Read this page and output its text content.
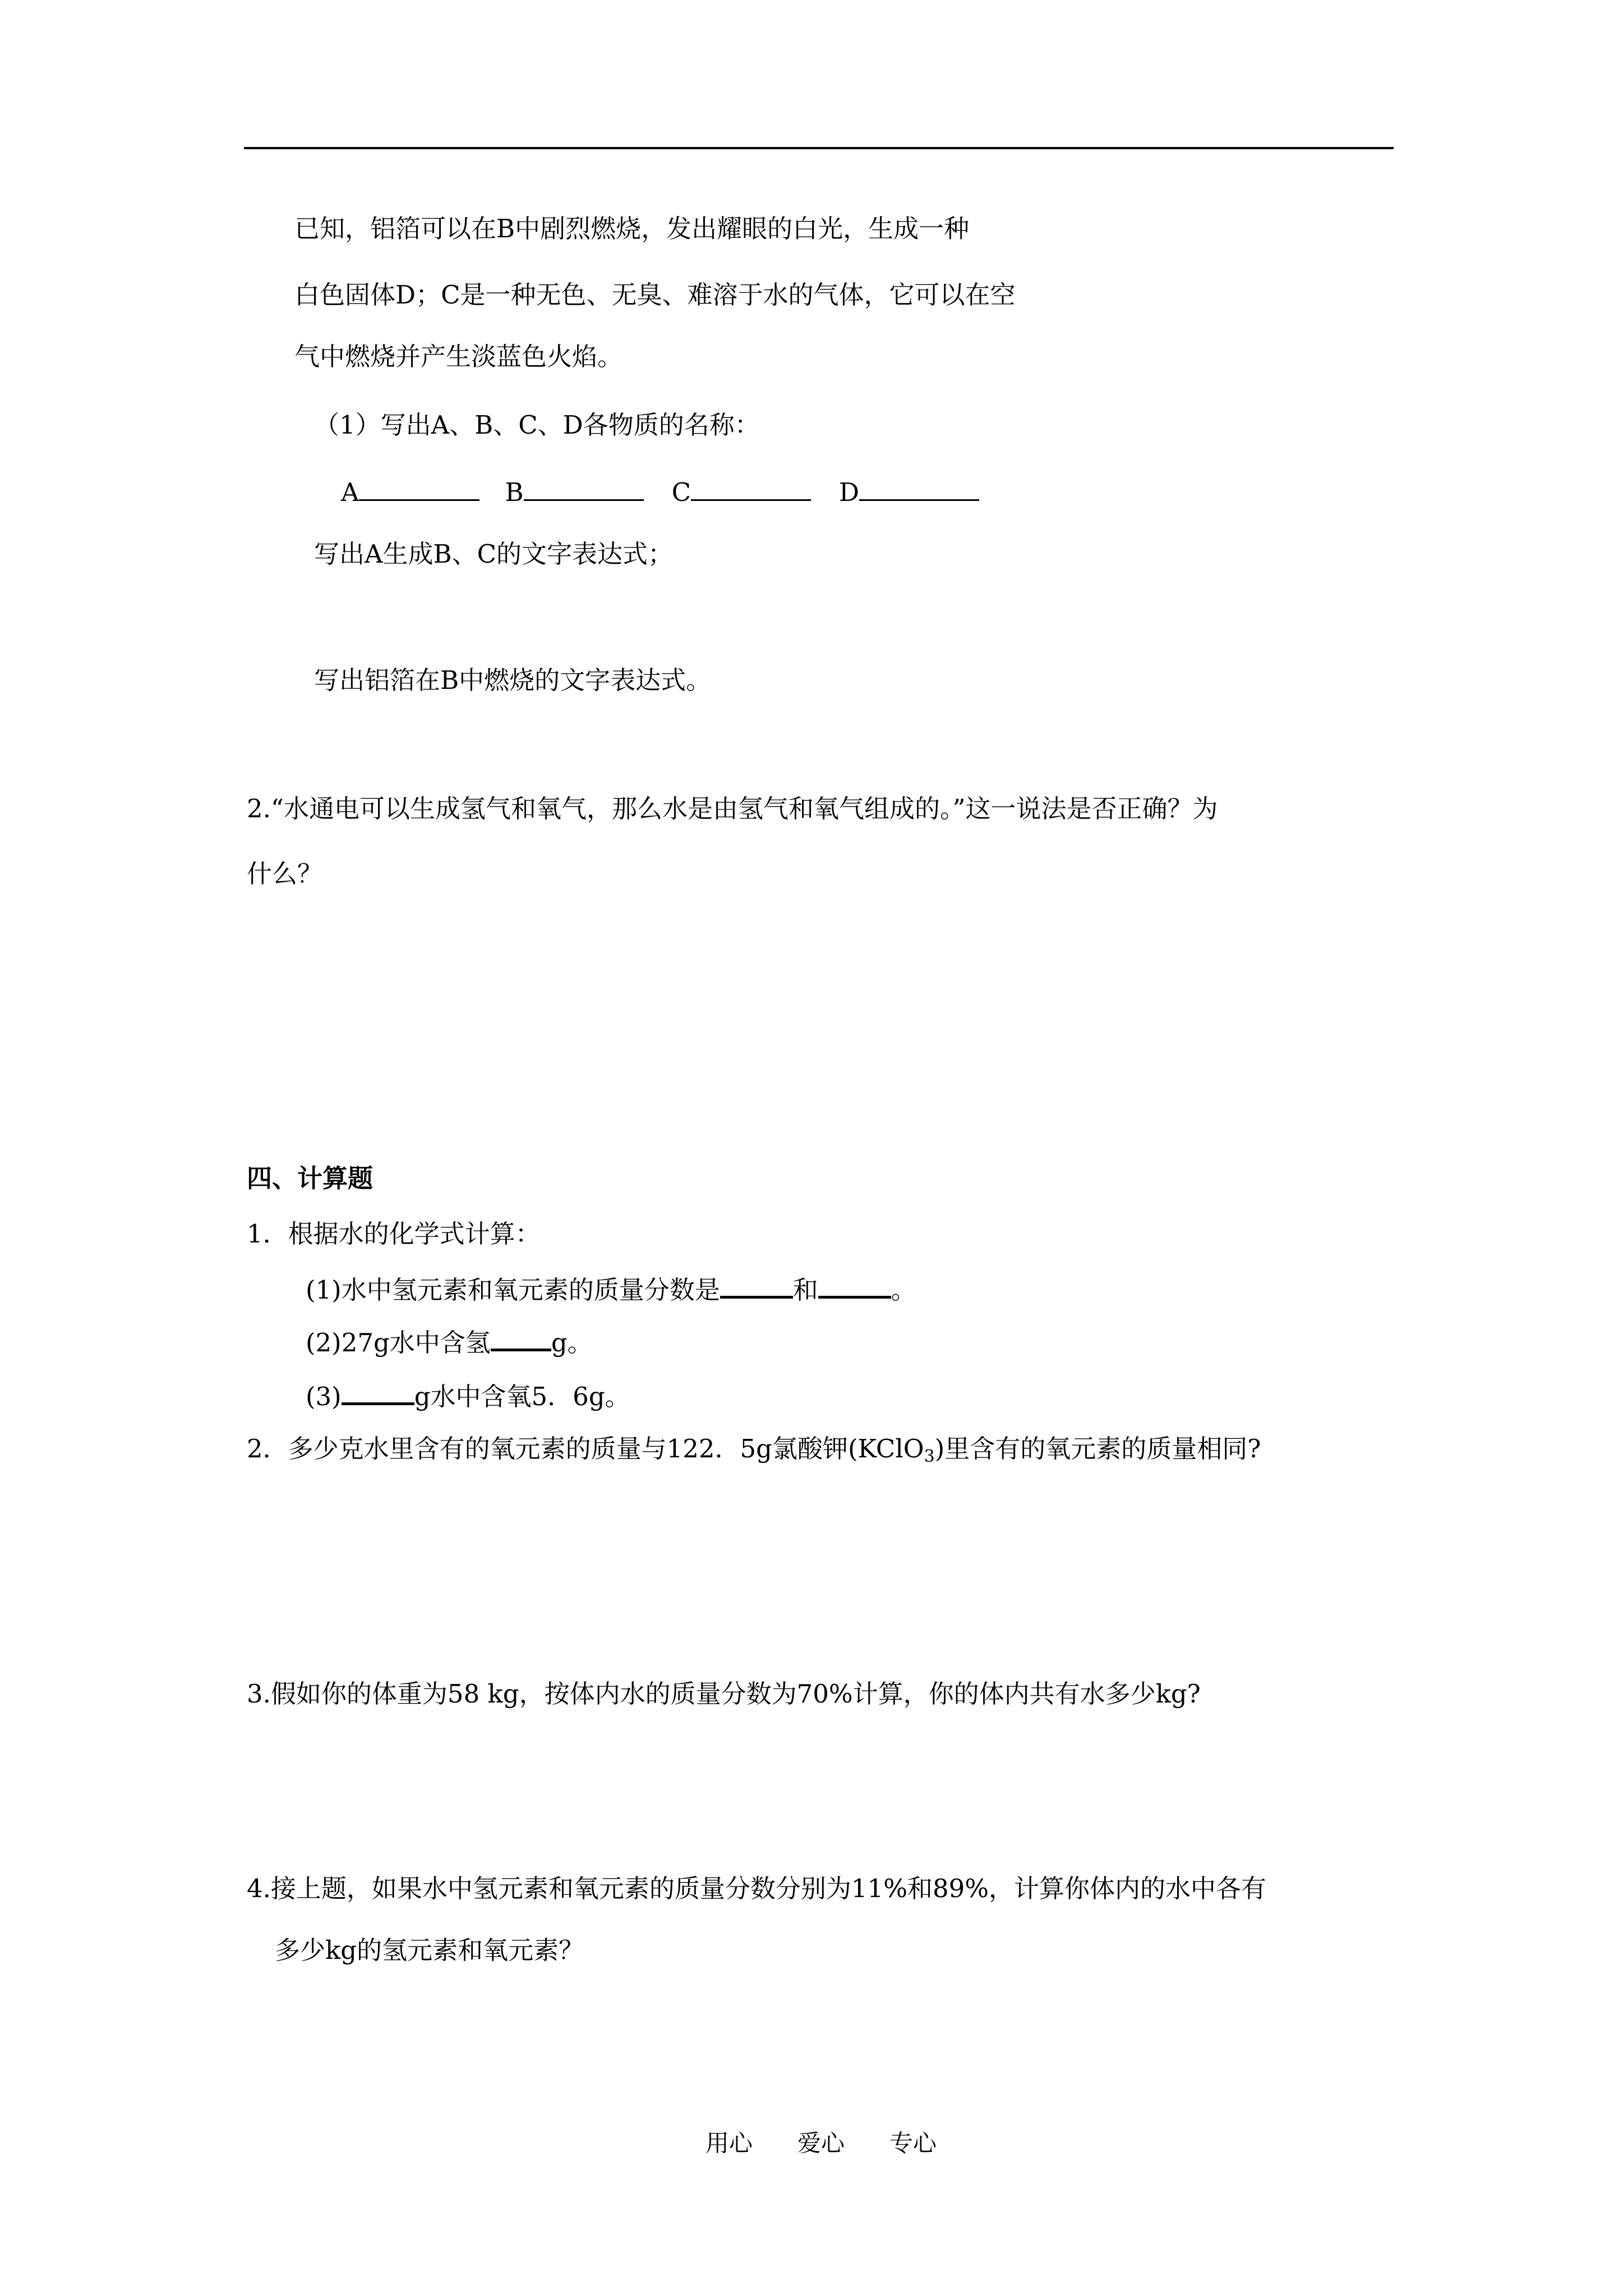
已知，铝箔可以在B中剧烈燃烧，发出耀眼的白光，生成一种
白色固体D；C是一种无色、无臭、难溶于水的气体，它可以在空
气中燃烧并产生淡蓝色火焰。
（1）写出A、B、C、D各物质的名称：
A	B	C	D
写出A生成B、C的文字表达式；
写出铝箔在B中燃烧的文字表达式。
2.“水通电可以生成氢气和氧气，那么水是由氢气和氧气组成的。”这一说法是否正确？为
什么？
四、计算题
1．根据水的化学式计算：
(1)水中氢元素和氧元素的质量分数是	和	。
(2)27g水中含氢 g。
(3)	g水中含氧5．6g。
2．多少克水里含有的氧元素的质量与122．5g氯酸钾(KClO$_3$)里含有的氧元素的质量相同?
3.假如你的体重为58 kg，按体内水的质量分数为70%计算，你的体内共有水多少kg?
4.接上题，如果水中氢元素和氧元素的质量分数分别为11%和89%，计算你体内的水中各有
多少kg的氢元素和氧元素？
用心 爱心 专心
